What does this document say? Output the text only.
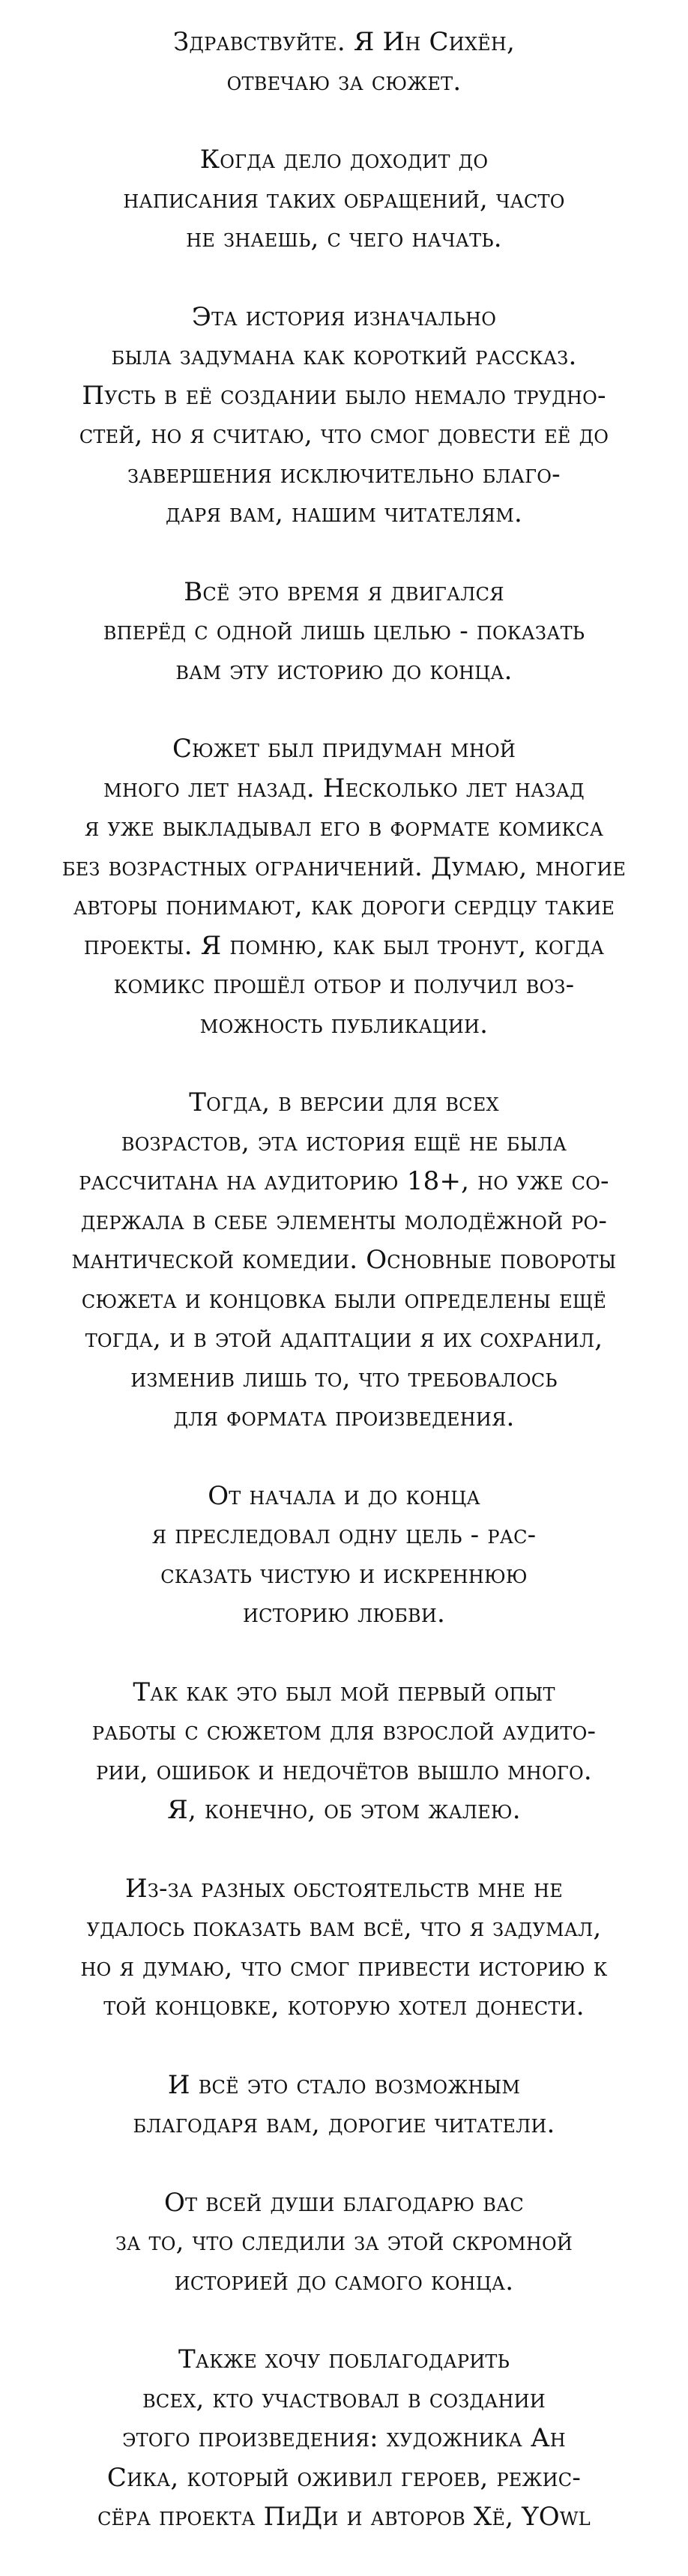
Здравствуйте. Я Ин Сихён,
отвечаю за сюжет.

Когда дело доходит до
написания таких обращений, часто
не знаешь, с чего начать.

Эта история изначально
была задумана как короткий рассказ.
Пусть в её создании было немало трудно-
стей, но я считаю, что смог довести её до
завершения исключительно благо-
даря вам, нашим читателям.

Всё это время я двигался
вперёд с одной лишь целью - показать
вам эту историю до конца.

Сюжет был придуман мной
много лет назад. Несколько лет назад
я уже выкладывал его в формате комикса
без возрастных ограничений. Думаю, многие
авторы понимают, как дороги сердцу такие
проекты. Я помню, как был тронут, когда
комикс прошёл отбор и получил воз-
можность публикации.

Тогда, в версии для всех
возрастов, эта история ещё не была
рассчитана на аудиторию 18+, но уже со-
держала в себе элементы молодёжной ро-
мантической комедии. Основные повороты
сюжета и концовка были определены ещё
тогда, и в этой адаптации я их сохранил,
изменив лишь то, что требовалось
для формата произведения.

От начала и до конца
я преследовал одну цель - рас-
сказать чистую и искреннюю
историю любви.

Так как это был мой первый опыт
работы с сюжетом для взрослой аудито-
рии, ошибок и недочётов вышло много.
Я, конечно, об этом жалею.

Из-за разных обстоятельств мне не
удалось показать вам всё, что я задумал,
но я думаю, что смог привести историю к
той концовке, которую хотел донести.

И всё это стало возможным
благодаря вам, дорогие читатели.

От всей души благодарю вас
за то, что следили за этой скромной
историей до самого конца.

Также хочу поблагодарить
всех, кто участвовал в создании
этого произведения: художника Ан
Сика, который оживил героев, режис-
сёра проекта ПиДи и авторов Хё, YOwl
